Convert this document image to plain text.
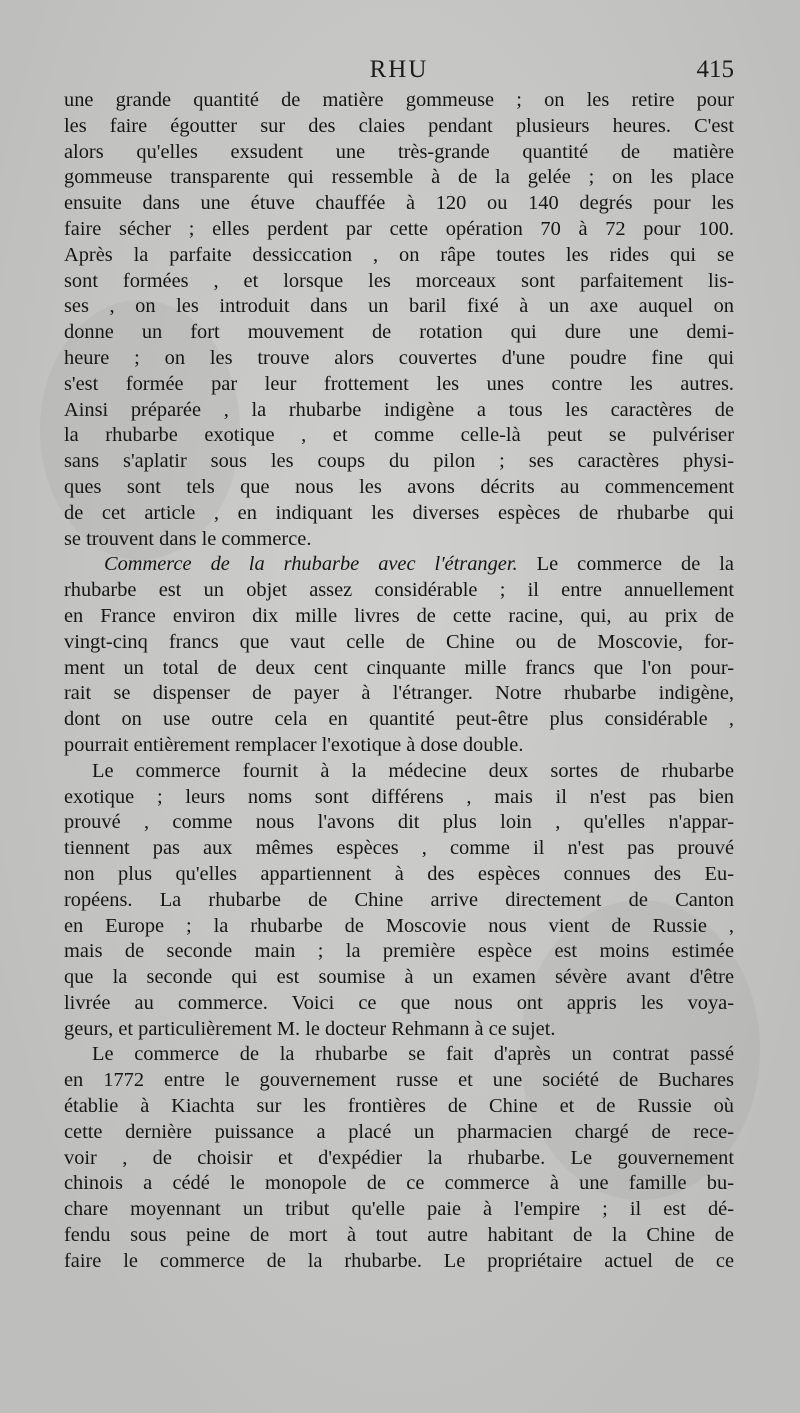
RHU	415
une grande quantité de matière gommeuse ; on les retire pour
les faire égoutter sur des claies pendant plusieurs heures. C'est
alors qu'elles exsudent une très-grande quantité de matière
gommeuse transparente qui ressemble à de la gelée ; on les place
ensuite dans une étuve chauffée à 120 ou 140 degrés pour les
faire sécher ; elles perdent par cette opération 70 à 72 pour 100.
Après la parfaite dessiccation , on râpe toutes les rides qui se
sont formées , et lorsque les morceaux sont parfaitement lis-
ses , on les introduit dans un baril fixé à un axe auquel on
donne un fort mouvement de rotation qui dure une demi-
heure ; on les trouve alors couvertes d'une poudre fine qui
s'est formée par leur frottement les unes contre les autres.
Ainsi préparée , la rhubarbe indigène a tous les caractères de
la rhubarbe exotique , et comme celle-là peut se pulvériser
sans s'aplatir sous les coups du pilon ; ses caractères physi-
ques sont tels que nous les avons décrits au commencement
de cet article , en indiquant les diverses espèces de rhubarbe qui
se trouvent dans le commerce.
Commerce de la rhubarbe avec l'étranger. Le commerce de la
rhubarbe est un objet assez considérable ; il entre annuellement
en France environ dix mille livres de cette racine, qui, au prix de
vingt-cinq francs que vaut celle de Chine ou de Moscovie, for-
ment un total de deux cent cinquante mille francs que l'on pour-
rait se dispenser de payer à l'étranger. Notre rhubarbe indigène,
dont on use outre cela en quantité peut-être plus considérable ,
pourrait entièrement remplacer l'exotique à dose double.
Le commerce fournit à la médecine deux sortes de rhubarbe
exotique ; leurs noms sont différens , mais il n'est pas bien
prouvé , comme nous l'avons dit plus loin , qu'elles n'appar-
tiennent pas aux mêmes espèces , comme il n'est pas prouvé
non plus qu'elles appartiennent à des espèces connues des Eu-
ropéens. La rhubarbe de Chine arrive directement de Canton
en Europe ; la rhubarbe de Moscovie nous vient de Russie ,
mais de seconde main ; la première espèce est moins estimée
que la seconde qui est soumise à un examen sévère avant d'être
livrée au commerce. Voici ce que nous ont appris les voya-
geurs, et particulièrement M. le docteur Rehmann à ce sujet.
Le commerce de la rhubarbe se fait d'après un contrat passé
en 1772 entre le gouvernement russe et une société de Buchares
établie à Kiachta sur les frontières de Chine et de Russie où
cette dernière puissance a placé un pharmacien chargé de rece-
voir , de choisir et d'expédier la rhubarbe. Le gouvernement
chinois a cédé le monopole de ce commerce à une famille bu-
chare moyennant un tribut qu'elle paie à l'empire ; il est dé-
fendu sous peine de mort à tout autre habitant de la Chine de
faire le commerce de la rhubarbe. Le propriétaire actuel de ce
